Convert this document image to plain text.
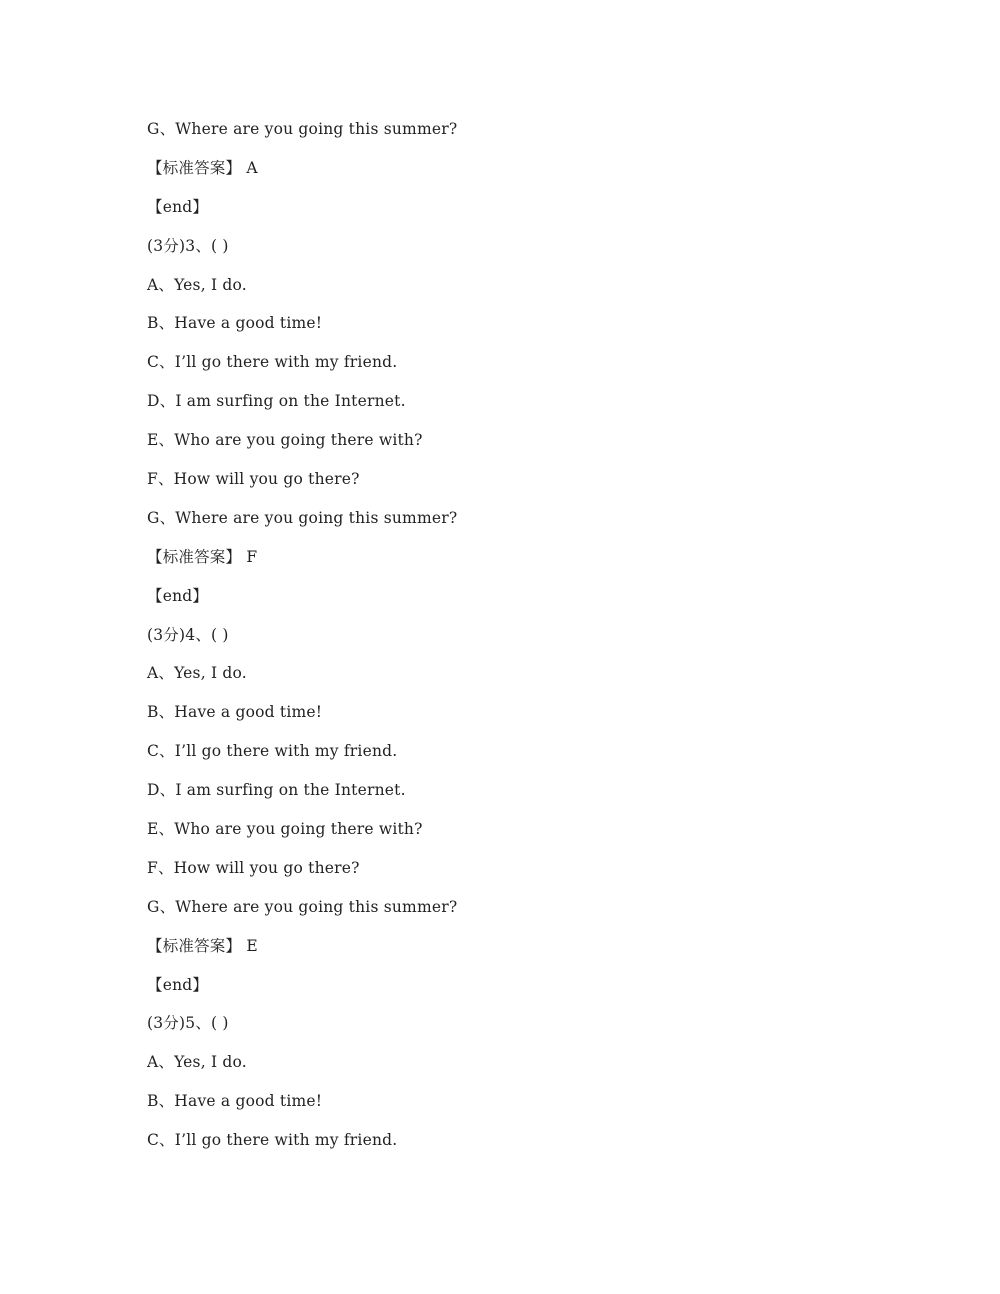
G、Where are you going this summer?
【标准答案】 A
【end】
(3分)3、( )
A、Yes, I do.
B、Have a good time!
C、I’ll go there with my friend.
D、I am surfing on the Internet.
E、Who are you going there with?
F、How will you go there?
G、Where are you going this summer?
【标准答案】 F
【end】
(3分)4、( )
A、Yes, I do.
B、Have a good time!
C、I’ll go there with my friend.
D、I am surfing on the Internet.
E、Who are you going there with?
F、How will you go there?
G、Where are you going this summer?
【标准答案】 E
【end】
(3分)5、( )
A、Yes, I do.
B、Have a good time!
C、I’ll go there with my friend.
